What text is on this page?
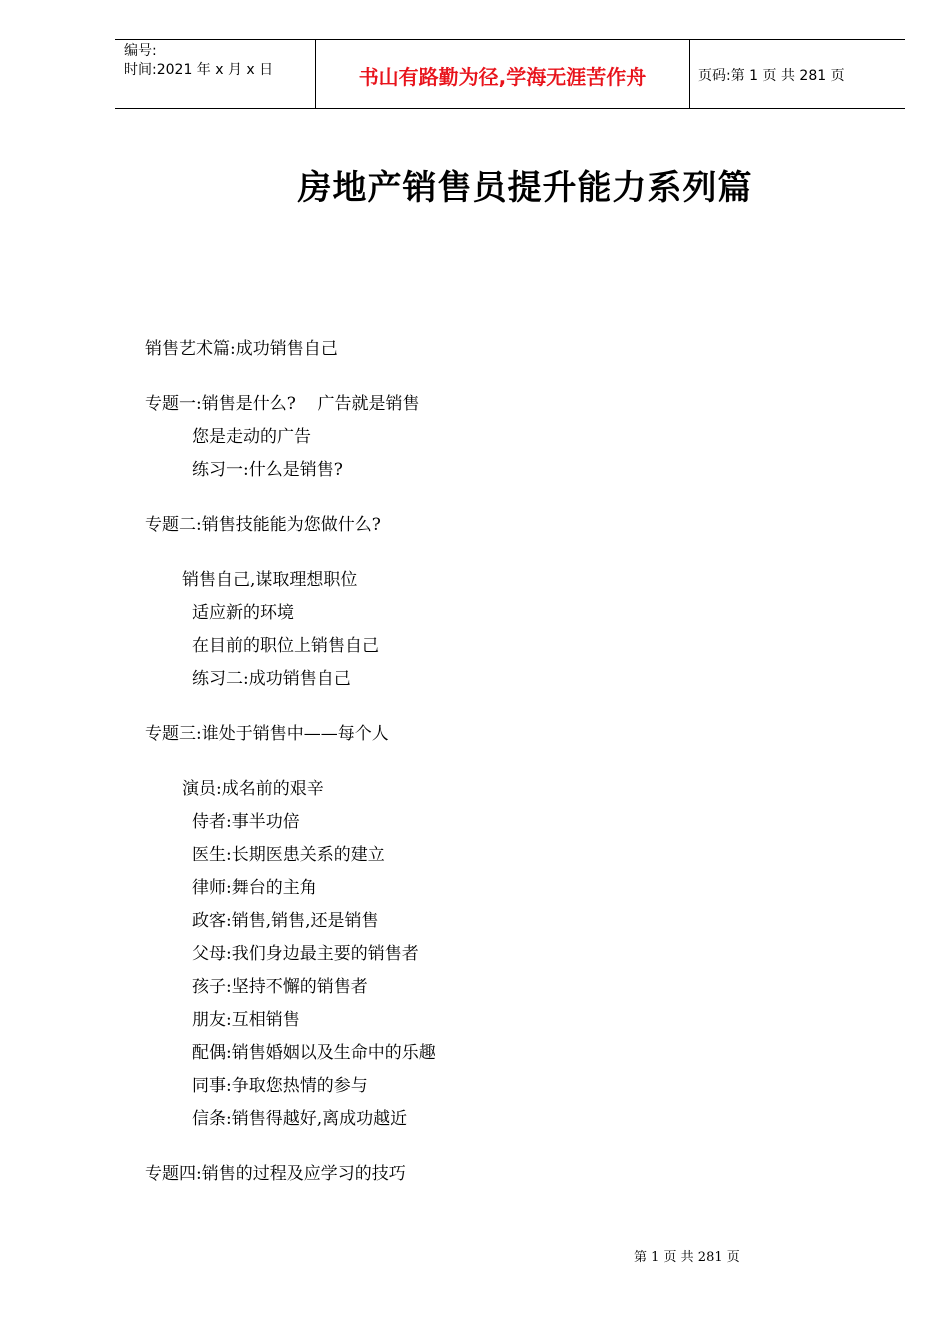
编号:
时间:2021 年 x 月 x 日	书山有路勤为径,学海无涯苦作舟	页码:第 1 页 共 281 页
房地产销售员提升能力系列篇
销售艺术篇:成功销售自己
专题一:销售是什么?    广告就是销售
您是走动的广告
练习一:什么是销售?
专题二:销售技能能为您做什么?
销售自己,谋取理想职位
适应新的环境
在目前的职位上销售自己
练习二:成功销售自己
专题三:谁处于销售中——每个人
演员:成名前的艰辛
侍者:事半功倍
医生:长期医患关系的建立
律师:舞台的主角
政客:销售,销售,还是销售
父母:我们身边最主要的销售者
孩子:坚持不懈的销售者
朋友:互相销售
配偶:销售婚姻以及生命中的乐趣
同事:争取您热情的参与
信条:销售得越好,离成功越近
专题四:销售的过程及应学习的技巧
第 1 页 共 281 页
